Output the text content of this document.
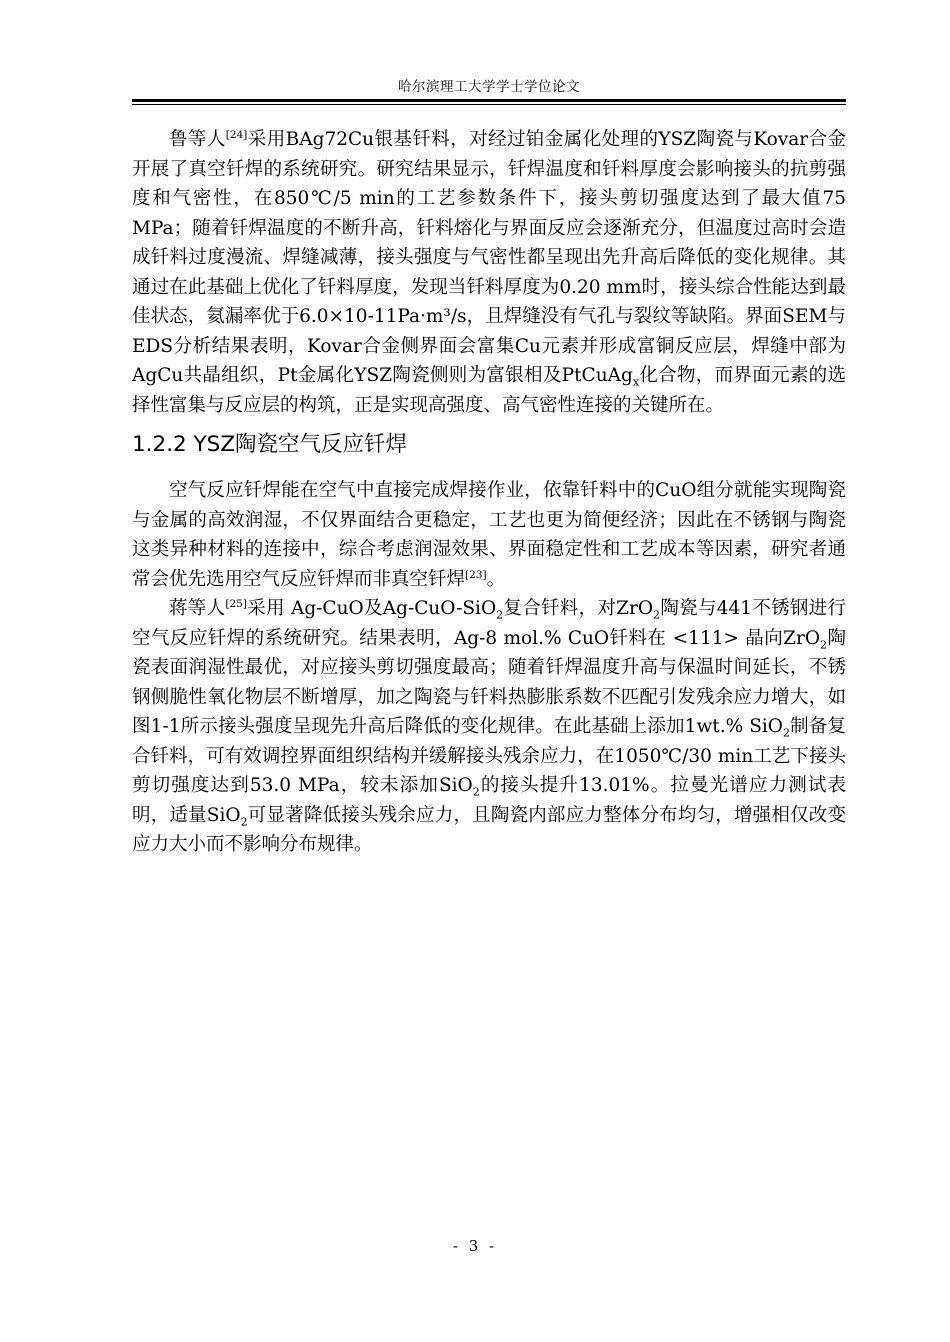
哈尔滨理工大学学士学位论文

鲁等人[24]采用BAg72Cu银基钎料，对经过铂金属化处理的YSZ陶瓷与Kovar合金开展了真空钎焊的系统研究。研究结果显示，钎焊温度和钎料厚度会影响接头的抗剪强度和气密性，在850℃/5 min的工艺参数条件下，接头剪切强度达到了最大值75 MPa；随着钎焊温度的不断升高，钎料熔化与界面反应会逐渐充分，但温度过高时会造成钎料过度漫流、焊缝减薄，接头强度与气密性都呈现出先升高后降低的变化规律。其通过在此基础上优化了钎料厚度，发现当钎料厚度为0.20 mm时，接头综合性能达到最佳状态，氦漏率优于6.0×10-11Pa·m³/s，且焊缝没有气孔与裂纹等缺陷。界面SEM与EDS分析结果表明，Kovar合金侧界面会富集Cu元素并形成富铜反应层，焊缝中部为AgCu共晶组织，Pt金属化YSZ陶瓷侧则为富银相及PtCuAg$_x$化合物，而界面元素的选择性富集与反应层的构筑，正是实现高强度、高气密性连接的关键所在。

1.2.2 YSZ陶瓷空气反应钎焊

空气反应钎焊能在空气中直接完成焊接作业，依靠钎料中的CuO组分就能实现陶瓷与金属的高效润湿，不仅界面结合更稳定，工艺也更为简便经济；因此在不锈钢与陶瓷这类异种材料的连接中，综合考虑润湿效果、界面稳定性和工艺成本等因素，研究者通常会优先选用空气反应钎焊而非真空钎焊[23]。

蒋等人[25]采用 Ag-CuO及Ag-CuO-SiO$_2$复合钎料，对ZrO$_2$陶瓷与441不锈钢进行空气反应钎焊的系统研究。结果表明，Ag-8 mol.% CuO钎料在 <111> 晶向ZrO$_2$陶瓷表面润湿性最优，对应接头剪切强度最高；随着钎焊温度升高与保温时间延长，不锈钢侧脆性氧化物层不断增厚，加之陶瓷与钎料热膨胀系数不匹配引发残余应力增大，如图1-1所示接头强度呈现先升高后降低的变化规律。在此基础上添加1wt.% SiO$_2$制备复合钎料，可有效调控界面组织结构并缓解接头残余应力，在1050℃/30 min工艺下接头剪切强度达到53.0 MPa，较未添加SiO$_2$的接头提升13.01%。拉曼光谱应力测试表明，适量SiO$_2$可显著降低接头残余应力，且陶瓷内部应力整体分布均匀，增强相仅改变应力大小而不影响分布规律。

- 3 -
